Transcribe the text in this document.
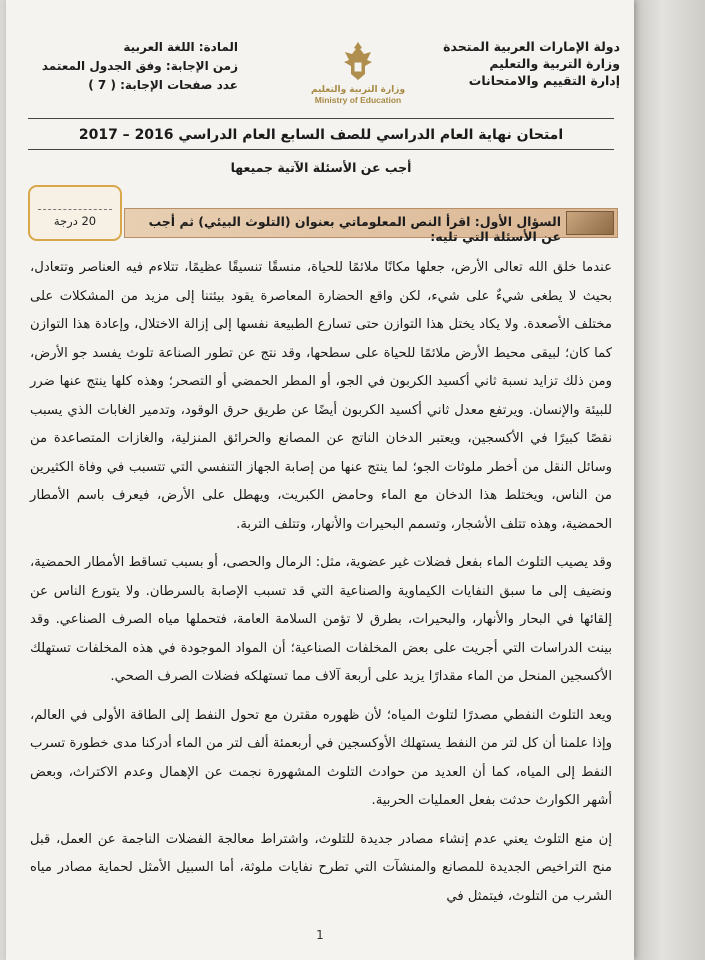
دولة الإمارات العربية المتحدة
وزارة التربية والتعليم
إدارة التقييم والامتحانات
وزارة التربية والتعليم
Ministry of Education
المادة: اللغة العربية
زمن الإجابة: وفق الجدول المعتمد
عدد صفحات الإجابة: ( 7 )
امتحان نهاية العام الدراسي للصف السابع العام الدراسي 2016 – 2017
أجب عن الأسئلة الآتية جميعها
20 درجة	السؤال الأول: اقرأ النص المعلوماتي بعنوان (التلوث البيئي) ثم أجب عن الأسئلة التي تليه:

عندما خلق الله تعالى الأرض، جعلها مكانًا ملائمًا للحياة، منسقًا تنسيقًا عظيمًا، تتلاءم فيه العناصر وتتعادل، بحيث لا يطغى شيءٌ على شيء، لكن واقع الحضارة المعاصرة يقود بيئتنا إلى مزيد من المشكلات على مختلف الأصعدة. ولا يكاد يختل هذا التوازن حتى تسارع الطبيعة نفسها إلى إزالة الاختلال، وإعادة هذا التوازن كما كان؛ لبيقى محيط الأرض ملائمًا للحياة على سطحها، وقد نتج عن تطور الصناعة تلوث يفسد جو الأرض، ومن ذلك تزايد نسبة ثاني أكسيد الكربون في الجو، أو المطر الحمضي أو التصحر؛ وهذه كلها ينتج عنها ضرر للبيئة والإنسان. ويرتفع معدل ثاني أكسيد الكربون أيضًا عن طريق حرق الوقود، وتدمير الغابات الذي يسبب نقصًا كبيرًا في الأكسجين، ويعتبر الدخان الناتج عن المصانع والحرائق المنزلية، والغازات المتصاعدة من وسائل النقل من أخطر ملوثات الجو؛ لما ينتج عنها من إصابة الجهاز التنفسي التي تتسبب في وفاة الكثيرين من الناس، ويختلط هذا الدخان مع الماء وحامض الكبريت، ويهطل على الأرض، فيعرف باسم الأمطار الحمضية، وهذه تتلف الأشجار، وتسمم البحيرات والأنهار، وتتلف التربة.

وقد يصيب التلوث الماء بفعل فضلات غير عضوية، مثل: الرمال والحصى، أو بسبب تساقط الأمطار الحمضية، ونضيف إلى ما سبق النفايات الكيماوية والصناعية التي قد تسبب الإصابة بالسرطان. ولا يتورع الناس عن إلقائها في البحار والأنهار، والبحيرات، بطرق لا تؤمن السلامة العامة، فتحملها مياه الصرف الصناعي. وقد بينت الدراسات التي أجريت على بعض المخلفات الصناعية؛ أن المواد الموجودة في هذه المخلفات تستهلك الأكسجين المنحل من الماء مقدارًا يزيد على أربعة آلاف مما تستهلكه فضلات الصرف الصحي.

ويعد التلوث النفطي مصدرًا لتلوث المياه؛ لأن ظهوره مقترن مع تحول النفط إلى الطاقة الأولى في العالم، وإذا علمنا أن كل لتر من النفط يستهلك الأوكسجين في أربعمئة ألف لتر من الماء أدركنا مدى خطورة تسرب النفط إلى المياه، كما أن العديد من حوادث التلوث المشهورة نجمت عن الإهمال وعدم الاكتراث، وبعض أشهر الكوارث حدثت بفعل العمليات الحربية.

إن منع التلوث يعني عدم إنشاء مصادر جديدة للتلوث، واشتراط معالجة الفضلات الناجمة عن العمل، قبل منح التراخيص الجديدة للمصانع والمنشآت التي تطرح نفايات ملوثة، أما السبيل الأمثل لحماية مصادر مياه الشرب من التلوث، فيتمثل في

1
